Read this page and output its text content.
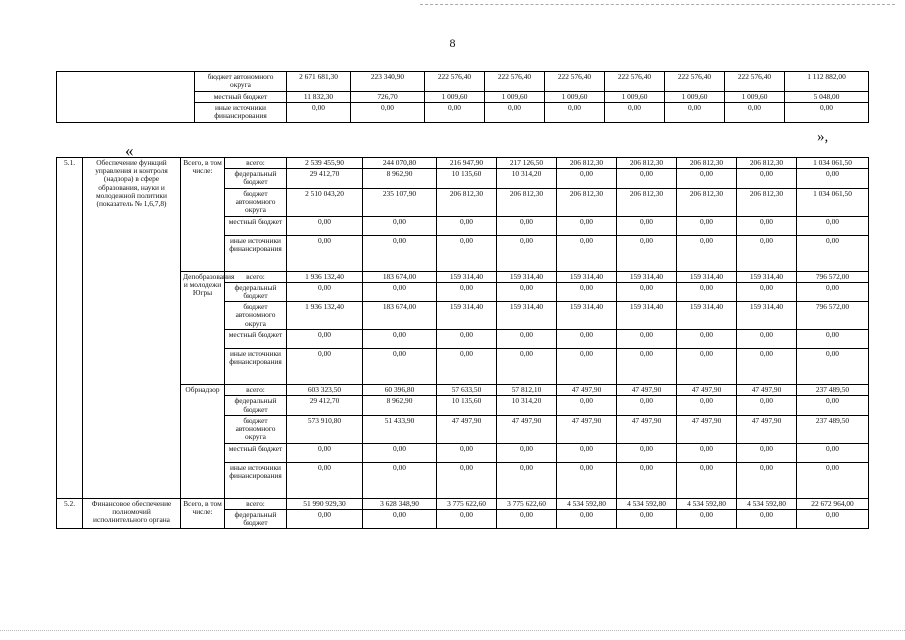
8
	бюджет автономного округа	2 671 681,30	223 340,90	222 576,40	222 576,40	222 576,40	222 576,40	222 576,40	222 576,40	1 112 882,00
	местный бюджет	11 832,30	726,70	1 009,60	1 009,60	1 009,60	1 009,60	1 009,60	1 009,60	5 048,00
	иные источники финансирования	0,00	0,00	0,00	0,00	0,00	0,00	0,00	0,00	0,00
«
»,
5.1.	Обеспечение функций управления и контроля (надзора) в сфере образования, науки и молодежной политики (показатель № 1,6,7,8)	Всего, в том числе:	всего:	2 539 455,90	244 070,80	216 947,90	217 126,50	206 812,30	206 812,30	206 812,30	206 812,30	1 034 061,50
			федеральный бюджет	29 412,70	8 962,90	10 135,60	10 314,20	0,00	0,00	0,00	0,00	0,00
			бюджет автономного округа	2 510 043,20	235 107,90	206 812,30	206 812,30	206 812,30	206 812,30	206 812,30	206 812,30	1 034 061,50
			местный бюджет	0,00	0,00	0,00	0,00	0,00	0,00	0,00	0,00	0,00
			иные источники финансирования	0,00	0,00	0,00	0,00	0,00	0,00	0,00	0,00	0,00
		Депобразования и молодежи Югры	всего:	1 936 132,40	183 674,00	159 314,40	159 314,40	159 314,40	159 314,40	159 314,40	159 314,40	796 572,00
			федеральный бюджет	0,00	0,00	0,00	0,00	0,00	0,00	0,00	0,00	0,00
			бюджет автономного округа	1 936 132,40	183 674,00	159 314,40	159 314,40	159 314,40	159 314,40	159 314,40	159 314,40	796 572,00
			местный бюджет	0,00	0,00	0,00	0,00	0,00	0,00	0,00	0,00	0,00
			иные источники финансирования	0,00	0,00	0,00	0,00	0,00	0,00	0,00	0,00	0,00
		Обрнадзор	всего:	603 323,50	60 396,80	57 633,50	57 812,10	47 497,90	47 497,90	47 497,90	47 497,90	237 489,50
			федеральный бюджет	29 412,70	8 962,90	10 135,60	10 314,20	0,00	0,00	0,00	0,00	0,00
			бюджет автономного округа	573 910,80	51 433,90	47 497,90	47 497,90	47 497,90	47 497,90	47 497,90	47 497,90	237 489,50
			местный бюджет	0,00	0,00	0,00	0,00	0,00	0,00	0,00	0,00	0,00
			иные источники финансирования	0,00	0,00	0,00	0,00	0,00	0,00	0,00	0,00	0,00
5.2.	Финансовое обеспечение полномочий исполнительного органа	Всего, в том числе:	всего:	51 990 929,30	3 628 348,90	3 775 622,60	3 775 622,60	4 534 592,80	4 534 592,80	4 534 592,80	4 534 592,80	22 672 964,00
			федеральный бюджет	0,00	0,00	0,00	0,00	0,00	0,00	0,00	0,00	0,00
